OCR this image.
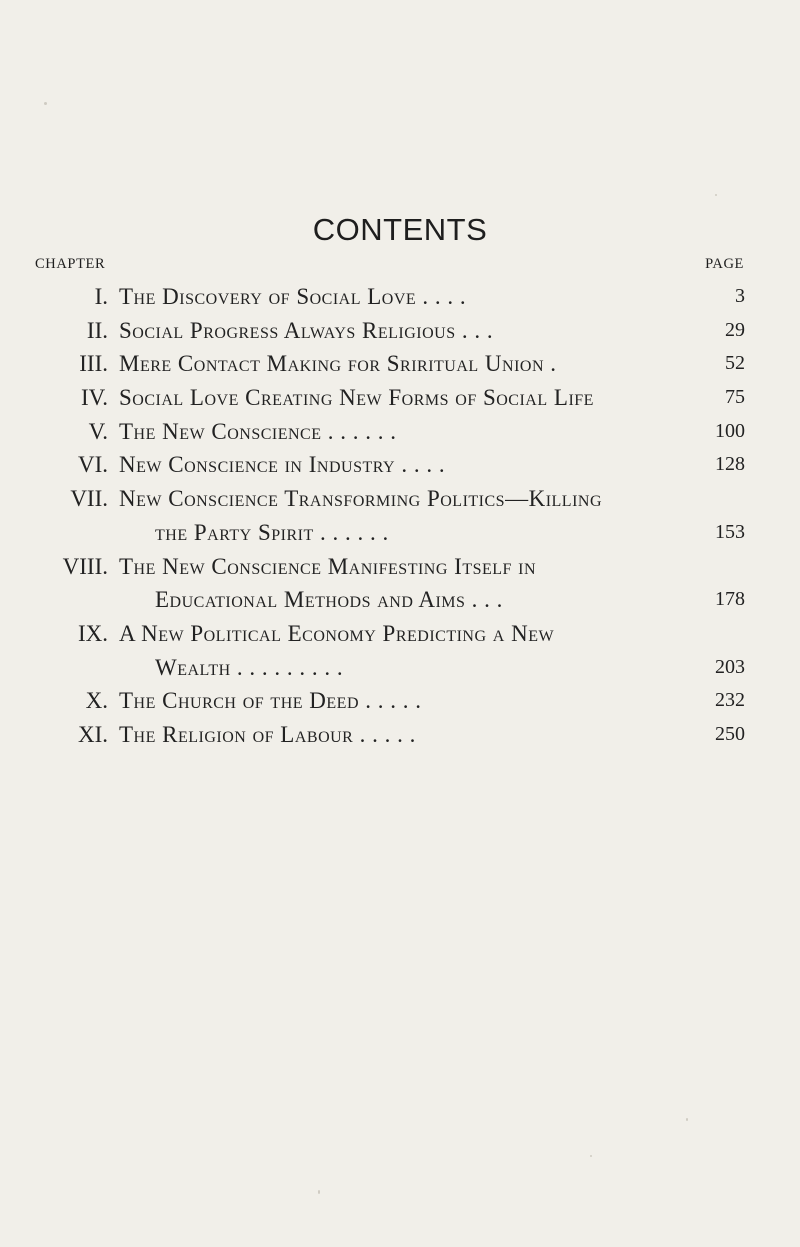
CONTENTS
CHAPTER	PAGE
I. The Discovery of Social Love . . . .	3
II. Social Progress Always Religious . . .	29
III. Mere Contact Making for Sriritual Union .	52
IV. Social Love Creating New Forms of Social Life	75
V. The New Conscience . . . . . .	100
VI. New Conscience in Industry . . . .	128
VII. New Conscience Transforming Politics—Killing
the Party Spirit . . . . . .	153
VIII. The New Conscience Manifesting Itself in
Educational Methods and Aims . . .	178
IX. A New Political Economy Predicting a New
Wealth . . . . . . . . .	203
X. The Church of the Deed . . . . .	232
XI. The Religion of Labour . . . . .	250
